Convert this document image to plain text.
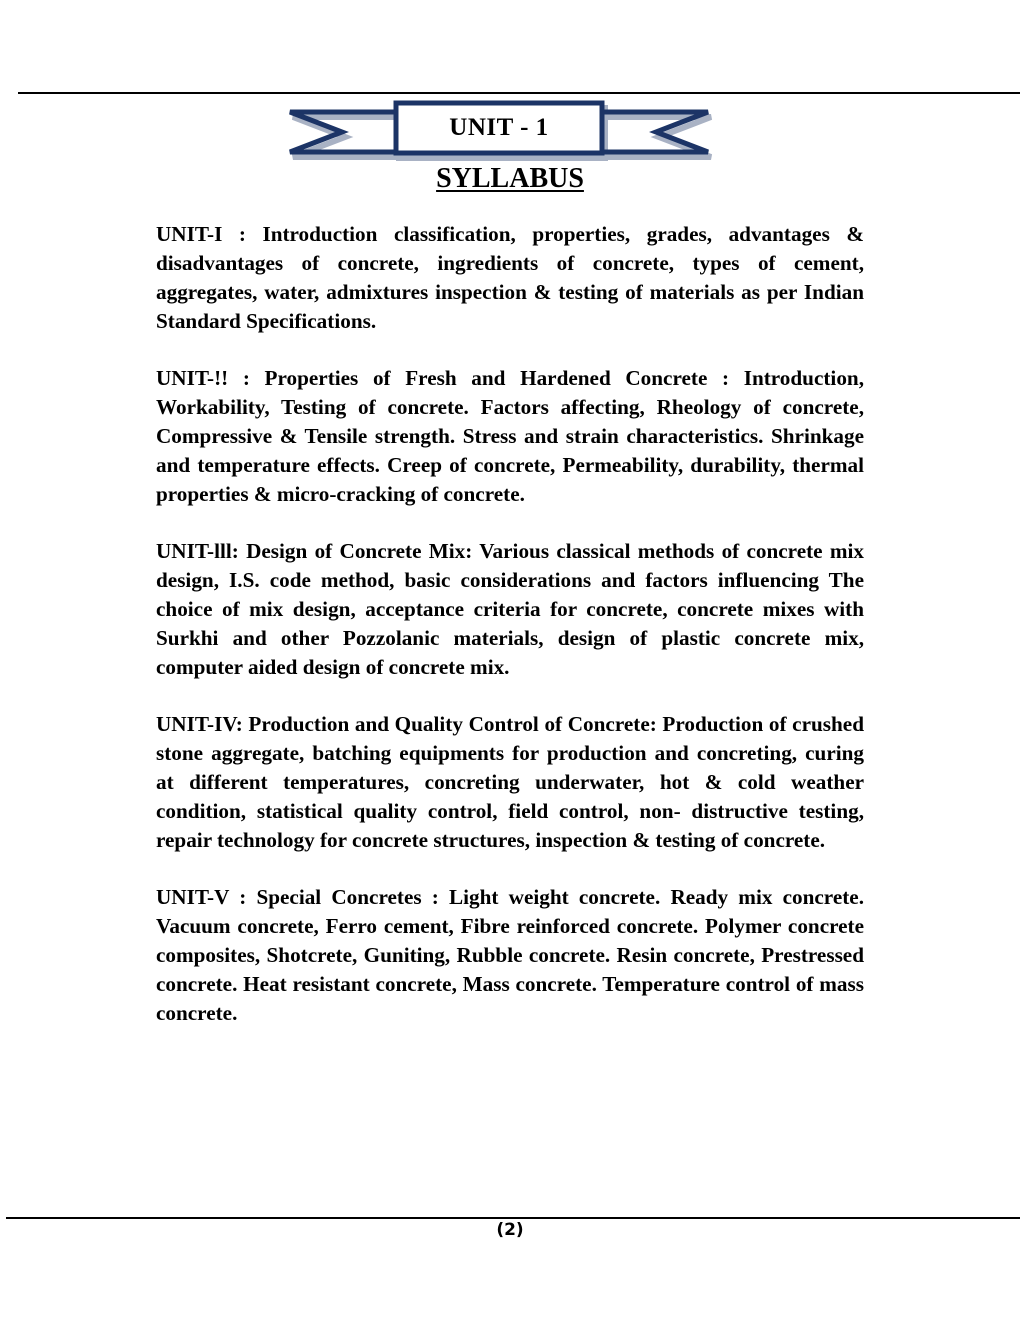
UNIT - 1
SYLLABUS

UNIT-I : Introduction classification, properties, grades, advantages & disadvantages of concrete, ingredients of concrete, types of cement, aggregates, water, admixtures inspection & testing of materials as per Indian Standard Specifications.

UNIT-!! : Properties of Fresh and Hardened Concrete : Introduction, Workability, Testing of concrete. Factors affecting, Rheology of concrete, Compressive & Tensile strength. Stress and strain characteristics. Shrinkage and temperature effects. Creep of concrete, Permeability, durability, thermal properties & micro-cracking of concrete.

UNIT-lll: Design of Concrete Mix: Various classical methods of concrete mix design, I.S. code method, basic considerations and factors influencing The choice of mix design, acceptance criteria for concrete, concrete mixes with Surkhi and other Pozzolanic materials, design of plastic concrete mix, computer aided design of concrete mix.

UNIT-IV: Production and Quality Control of Concrete: Production of crushed stone aggregate, batching equipments for production and concreting, curing at different temperatures, concreting underwater, hot & cold weather condition, statistical quality control, field control, non- distructive testing, repair technology for concrete structures, inspection & testing of concrete.

UNIT-V : Special Concretes : Light weight concrete. Ready mix concrete. Vacuum concrete, Ferro cement, Fibre reinforced concrete. Polymer concrete composites, Shotcrete, Guniting, Rubble concrete. Resin concrete, Prestressed concrete. Heat resistant concrete, Mass concrete. Temperature control of mass concrete.

(2)
